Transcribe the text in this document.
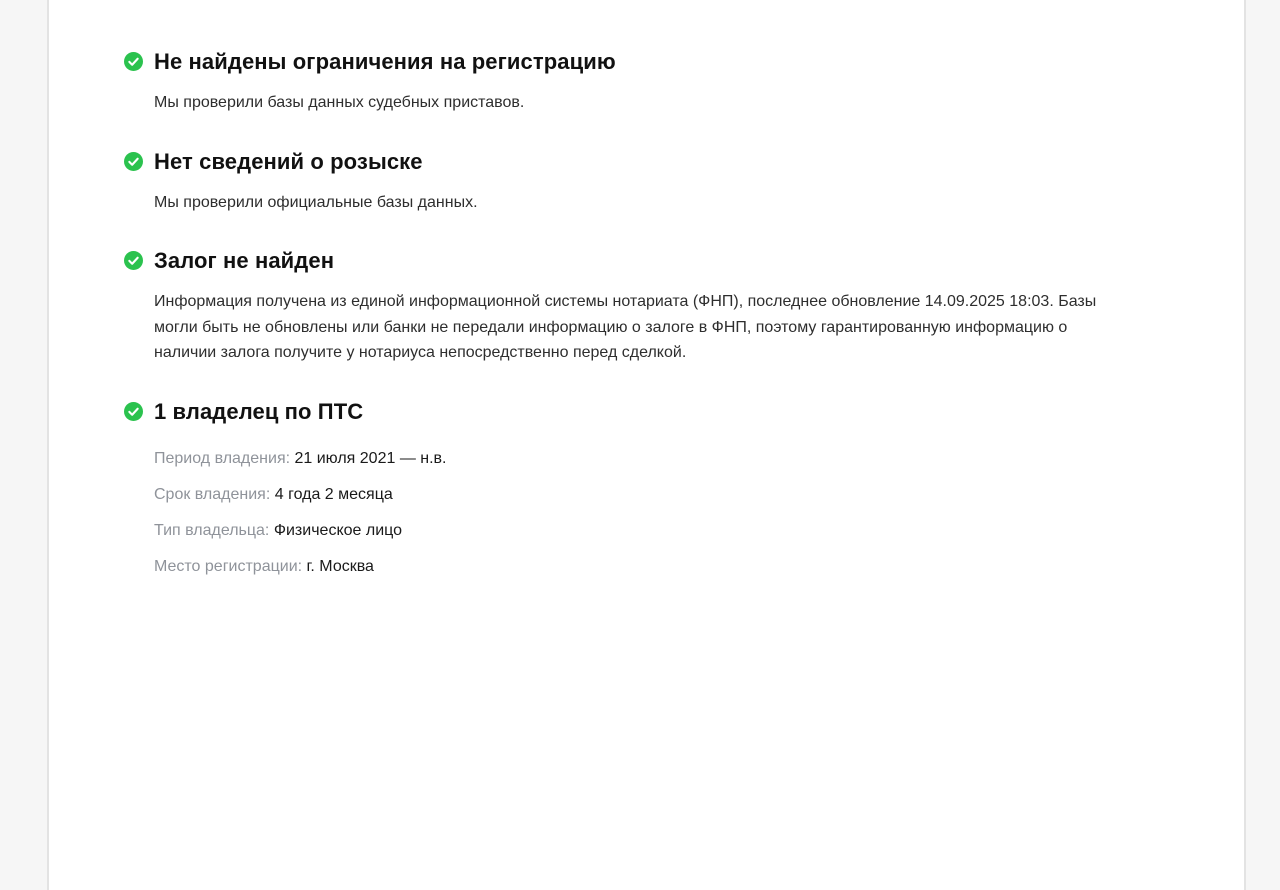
Не найдены ограничения на регистрацию

Мы проверили базы данных судебных приставов.

Нет сведений о розыске

Мы проверили официальные базы данных.

Залог не найден

Информация получена из единой информационной системы нотариата (ФНП), последнее обновление 14.09.2025 18:03. Базы могли быть не обновлены или банки не передали информацию о залоге в ФНП, поэтому гарантированную информацию о наличии залога получите у нотариуса непосредственно перед сделкой.

1 владелец по ПТС
Период владения: 21 июля 2021 — н.в.
Срок владения: 4 года 2 месяца
Тип владельца: Физическое лицо
Место регистрации: г. Москва
